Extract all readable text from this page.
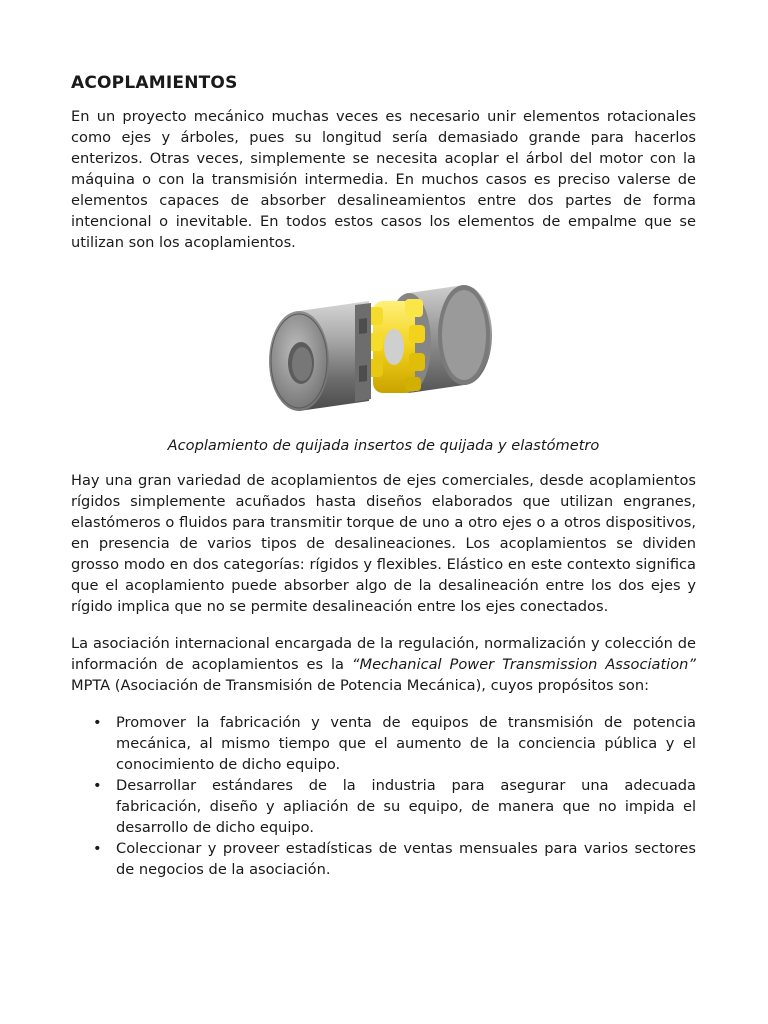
ACOPLAMIENTOS

En un proyecto mecánico muchas veces es necesario unir elementos rotacionales como ejes y árboles, pues su longitud sería demasiado grande para hacerlos enterizos. Otras veces, simplemente se necesita acoplar el árbol del motor con la máquina o con la transmisión intermedia. En muchos casos es preciso valerse de elementos capaces de absorber desalineamientos entre dos partes de forma intencional o inevitable. En todos estos casos los elementos de empalme que se utilizan son los acoplamientos.

Acoplamiento de quijada insertos de quijada y elastómetro

Hay una gran variedad de acoplamientos de ejes comerciales, desde acoplamientos rígidos simplemente acuñados hasta diseños elaborados que utilizan engranes, elastómeros o fluidos para transmitir torque de uno a otro ejes o a otros dispositivos, en presencia de varios tipos de desalineaciones. Los acoplamientos se dividen grosso modo en dos categorías: rígidos y flexibles. Elástico en este contexto significa que el acoplamiento puede absorber algo de la desalineación entre los dos ejes y rígido implica que no se permite desalineación entre los ejes conectados.

La asociación internacional encargada de la regulación, normalización y colección de información de acoplamientos es la “Mechanical Power Transmission Association” MPTA (Asociación de Transmisión de Potencia Mecánica), cuyos propósitos son:

• Promover la fabricación y venta de equipos de transmisión de potencia mecánica, al mismo tiempo que el aumento de la conciencia pública y el conocimiento de dicho equipo.
• Desarrollar estándares de la industria para asegurar una adecuada fabricación, diseño y apliación de su equipo, de manera que no impida el desarrollo de dicho equipo.
• Coleccionar y proveer estadísticas de ventas mensuales para varios sectores de negocios de la asociación.
